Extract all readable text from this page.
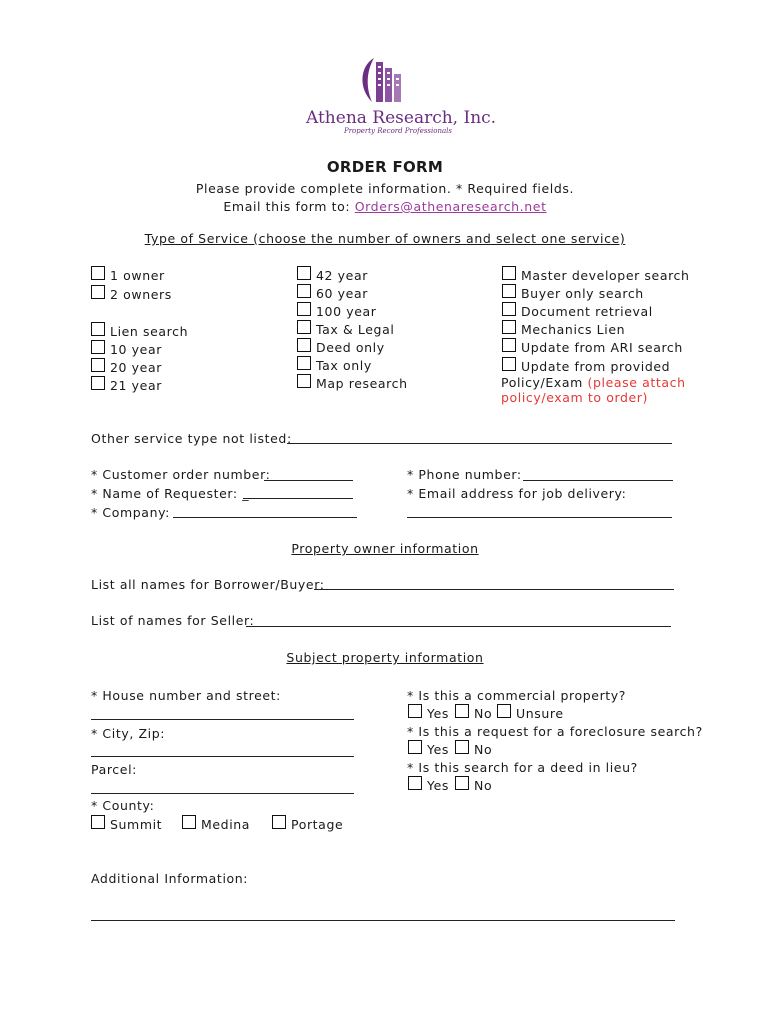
Athena Research, Inc.
Property Record Professionals
ORDER FORM
Please provide complete information. * Required fields.
Email this form to: Orders@athenaresearch.net
Type of Service (choose the number of owners and select one service)
1 owner
2 owners
Lien search
10 year
20 year
21 year
42 year
60 year
100 year
Tax & Legal
Deed only
Tax only
Map research
Master developer search
Buyer only search
Document retrieval
Mechanics Lien
Update from ARI search
Update from provided
Policy/Exam (please attach
policy/exam to order)
Other service type not listed:
* Customer order number:
* Name of Requester: _
* Company:
* Phone number:
* Email address for job delivery:
Property owner information
List all names for Borrower/Buyer:
List of names for Seller:
Subject property information
* House number and street:
* City, Zip:
Parcel:
* County:
Summit	Medina	Portage
* Is this a commercial property?
Yes No Unsure
* Is this a request for a foreclosure search?
Yes No
* Is this search for a deed in lieu?
Yes No
Additional Information:
